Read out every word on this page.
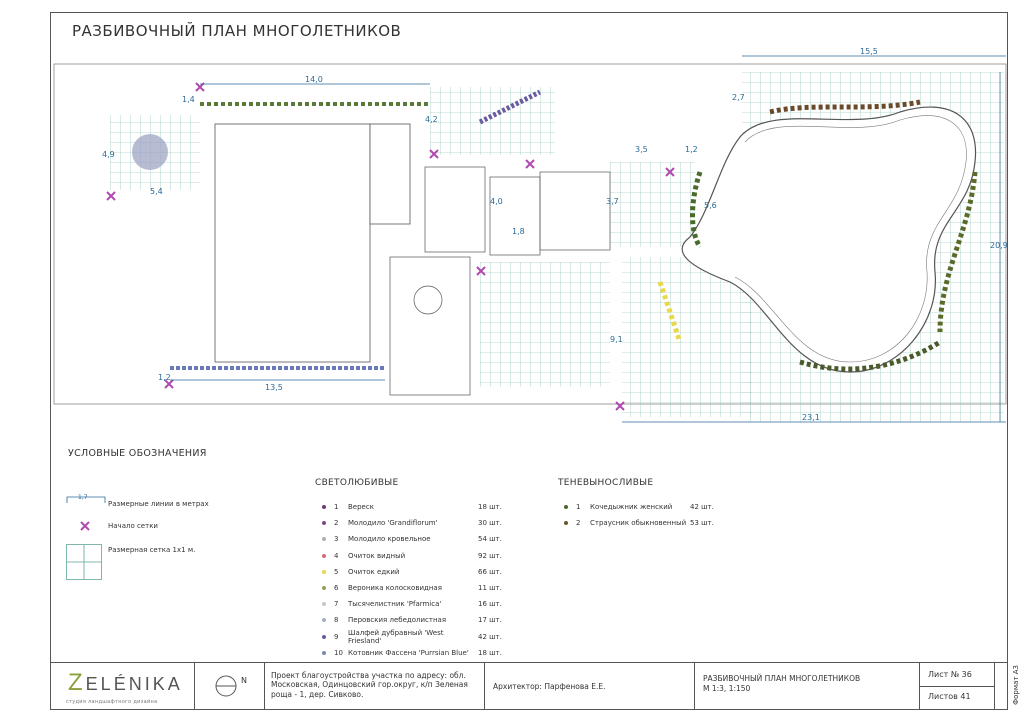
РАЗБИВОЧНЫЙ ПЛАН МНОГОЛЕТНИКОВ
14,0
1,4
4,9
5,4
4,2
15,5
2,7
3,5	1,2
3,7	5,6
4,0
1,8
20,9
9,1
23,1
13,5
1,2
УСЛОВНЫЕ ОБОЗНАЧЕНИЯ
1,7
Размерные линии в метрах
Начало сетки
Размерная сетка 1х1 м.
СВЕТОЛЮБИВЫЕ
1	Вереск	18 шт.
2	Молодило 'Grandiflorum'	30 шт.
3	Молодило кровельное	54 шт.
4	Очиток видный	92 шт.
5	Очиток едкий	66 шт.
6	Вероника колосковидная	11 шт.
7	Тысячелистник 'Pfarmica'	16 шт.
8	Перовския лебедолистная	17 шт.
9	Шалфей дубравный 'West Friesland'	42 шт.
10 Котовник Фассена 'Purrsian Blue'	18 шт.
ТЕНЕВЫНОСЛИВЫЕ
1	Кочедыжник женский	42 шт.
2	Страусник обыкновенный 53 шт.
ZELÉNIKA
студия ландшафтного дизайна
N
Проект благоустройства участка по адресу: обл. Московская, Одинцовский гор.округ, к/п Зеленая роща - 1, дер. Сивково.
Архитектор: Парфенова Е.Е.
РАЗБИВОЧНЫЙ ПЛАН МНОГОЛЕТНИКОВ
М 1:3, 1:150
Лист № 36
Листов 41	Формат А3
